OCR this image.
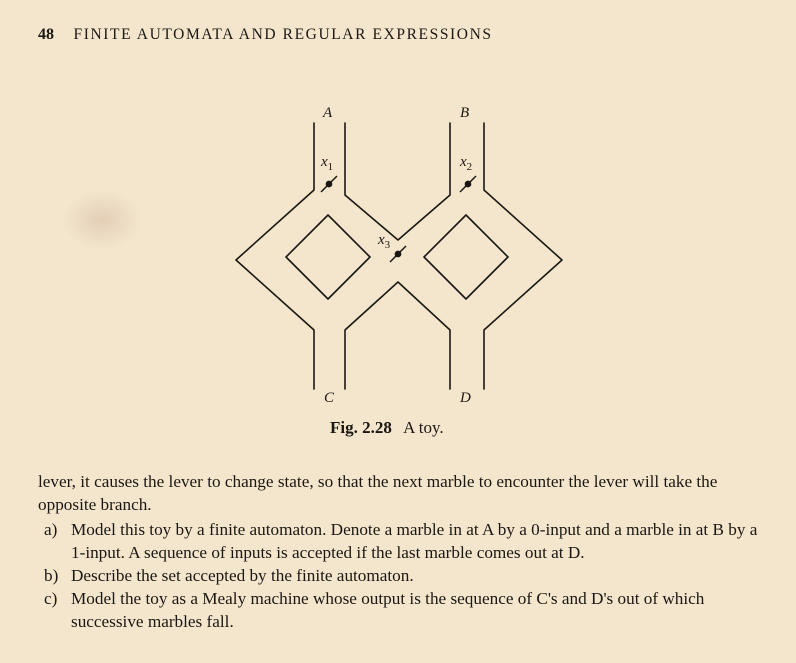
48 FINITE AUTOMATA AND REGULAR EXPRESSIONS
A	B
C	D
$x_1$	$x_2$
$x_3$
Fig. 2.28 A toy.

lever, it causes the lever to change state, so that the next marble to encounter the lever will take the opposite branch.

a) Model this toy by a finite automaton. Denote a marble in at A by a 0-input and a marble in at B by a 1-input. A sequence of inputs is accepted if the last marble comes out at D.
b) Describe the set accepted by the finite automaton.
c) Model the toy as a Mealy machine whose output is the sequence of C's and D's out of which successive marbles fall.
